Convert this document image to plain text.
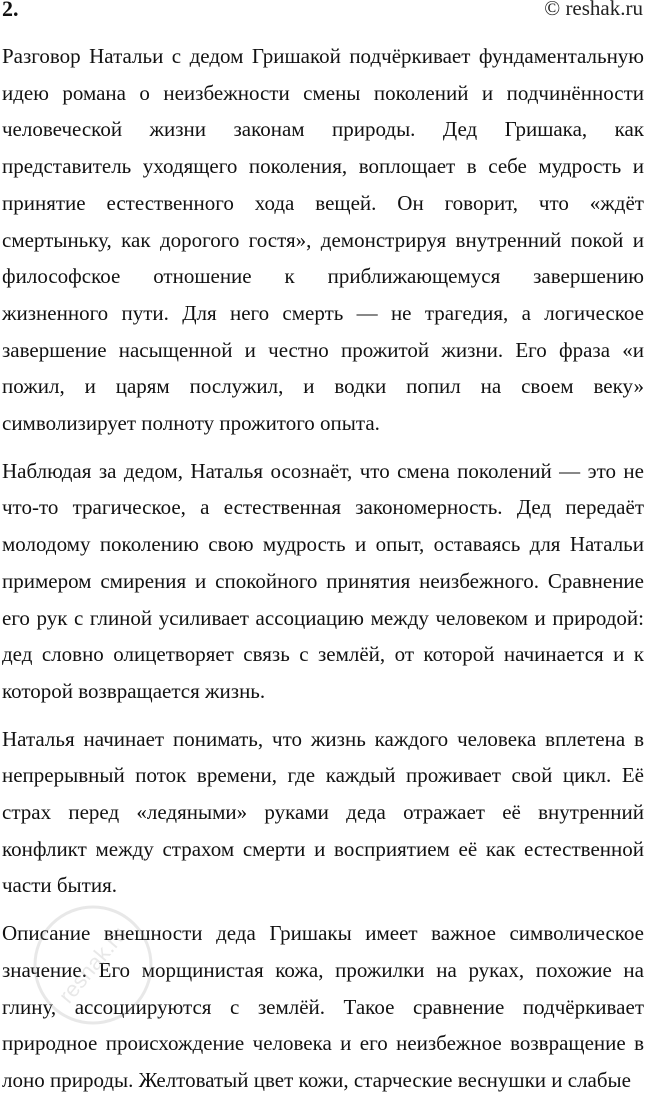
2.	© reshak.ru

Разговор Натальи с дедом Гришакой подчёркивает фундаментальную идею романа о неизбежности смены поколений и подчинённости человеческой жизни законам природы. Дед Гришака, как представитель уходящего поколения, воплощает в себе мудрость и принятие естественного хода вещей. Он говорит, что «ждёт смертыньку, как дорогого гостя», демонстрируя внутренний покой и философское отношение к приближающемуся завершению жизненного пути. Для него смерть — не трагедия, а логическое завершение насыщенной и честно прожитой жизни. Его фраза «и пожил, и царям послужил, и водки попил на своем веку» символизирует полноту прожитого опыта.

Наблюдая за дедом, Наталья осознаёт, что смена поколений — это не что-то трагическое, а естественная закономерность. Дед передаёт молодому поколению свою мудрость и опыт, оставаясь для Натальи примером смирения и спокойного принятия неизбежного. Сравнение его рук с глиной усиливает ассоциацию между человеком и природой: дед словно олицетворяет связь с землёй, от которой начинается и к которой возвращается жизнь.

Наталья начинает понимать, что жизнь каждого человека вплетена в непрерывный поток времени, где каждый проживает свой цикл. Её страх перед «ледяными» руками деда отражает её внутренний конфликт между страхом смерти и восприятием её как естественной части бытия.

Описание внешности деда Гришакы имеет важное символическое значение. Его морщинистая кожа, прожилки на руках, похожие на глину, ассоциируются с землёй. Такое сравнение подчёркивает природное происхождение человека и его неизбежное возвращение в лоно природы. Желтоватый цвет кожи, старческие веснушки и слабые

reshak.ru
